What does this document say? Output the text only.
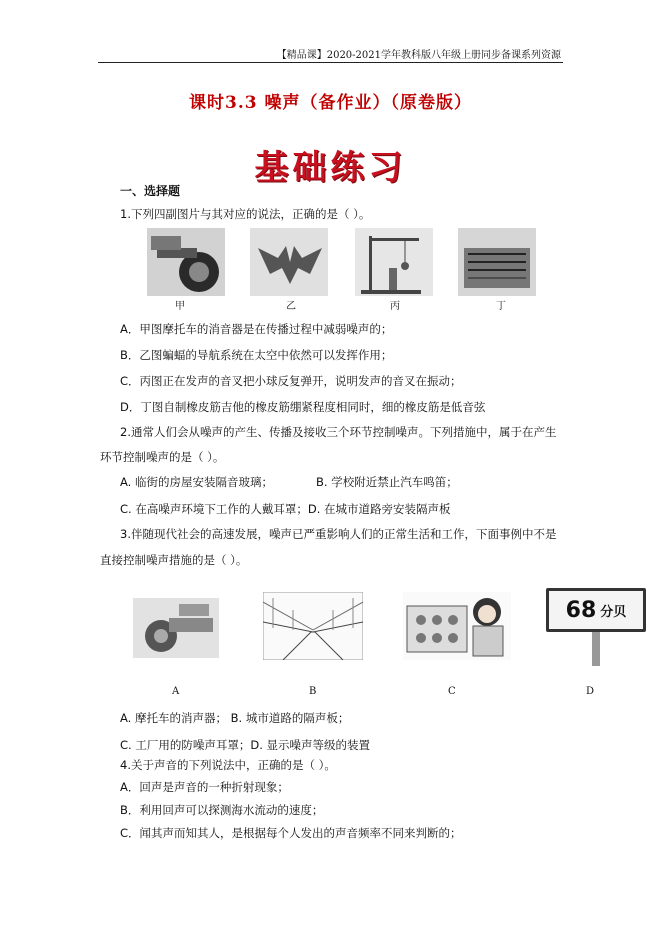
【精品课】2020-2021学年教科版八年级上册同步备课系列资源
课时3.3 噪声（备作业）（原卷版）
基础练习
一、选择题
1.下列四副图片与其对应的说法，正确的是（ ）。
甲	乙	丙	丁
A．甲图摩托车的消音器是在传播过程中减弱噪声的；
B．乙图蝙蝠的导航系统在太空中依然可以发挥作用；
C．丙图正在发声的音叉把小球反复弹开，说明发声的音叉在振动；
D．丁图自制橡皮筋吉他的橡皮筋绷紧程度相同时，细的橡皮筋是低音弦
2.通常人们会从噪声的产生、传播及接收三个环节控制噪声。下列措施中，属于在产生
环节控制噪声的是（ ）。
A. 临街的房屋安装隔音玻璃；	B. 学校附近禁止汽车鸣笛；
C. 在高噪声环境下工作的人戴耳罩；D. 在城市道路旁安装隔声板
3.伴随现代社会的高速发展，噪声已严重影响人们的正常生活和工作，下面事例中不是
直接控制噪声措施的是（ ）。
68 分贝
A	B	C	D
A. 摩托车的消声器； B. 城市道路的隔声板；
C. 工厂用的防噪声耳罩；D. 显示噪声等级的装置
4.关于声音的下列说法中，正确的是（ ）。
A．回声是声音的一种折射现象；
B．利用回声可以探测海水流动的速度；
C．闻其声而知其人，是根据每个人发出的声音频率不同来判断的；
